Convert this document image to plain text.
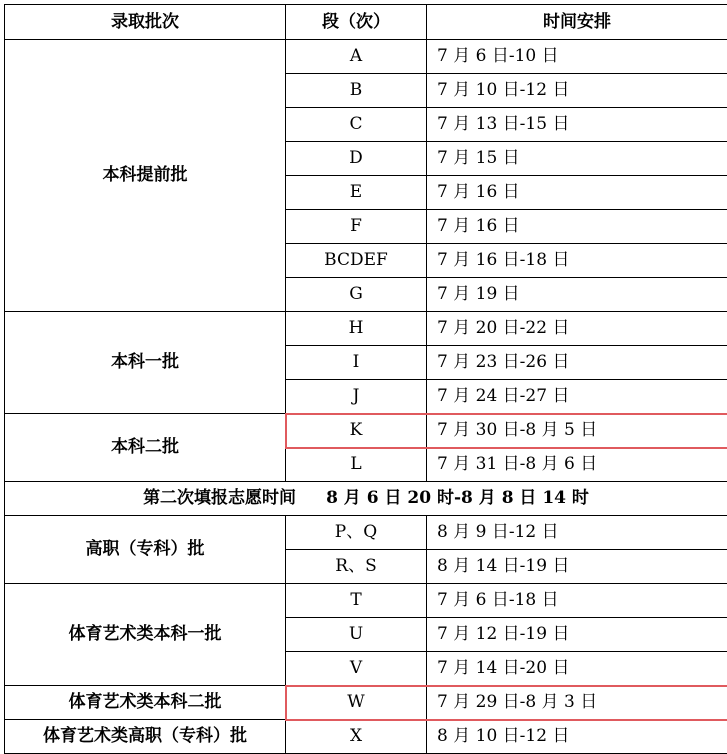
录取批次	段（次）	时间安排
本科提前批	A	7 月 6 日-10 日
	B	7 月 10 日-12 日
	C	7 月 13 日-15 日
	D	7 月 15 日
	E	7 月 16 日
	F	7 月 16 日
	BCDEF	7 月 16 日-18 日
	G	7 月 19 日
本科一批	H	7 月 20 日-22 日
	I	7 月 23 日-26 日
	J	7 月 24 日-27 日
本科二批	K	7 月 30 日-8 月 5 日
	L	7 月 31 日-8 月 6 日
第二次填报志愿时间 8 月 6 日 20 时-8 月 8 日 14 时		
高职（专科）批	P、Q	8 月 9 日-12 日
	R、S	8 月 14 日-19 日
体育艺术类本科一批	T	7 月 6 日-18 日
	U	7 月 12 日-19 日
	V	7 月 14 日-20 日
体育艺术类本科二批	W	7 月 29 日-8 月 3 日
体育艺术类高职（专科）批	X	8 月 10 日-12 日
